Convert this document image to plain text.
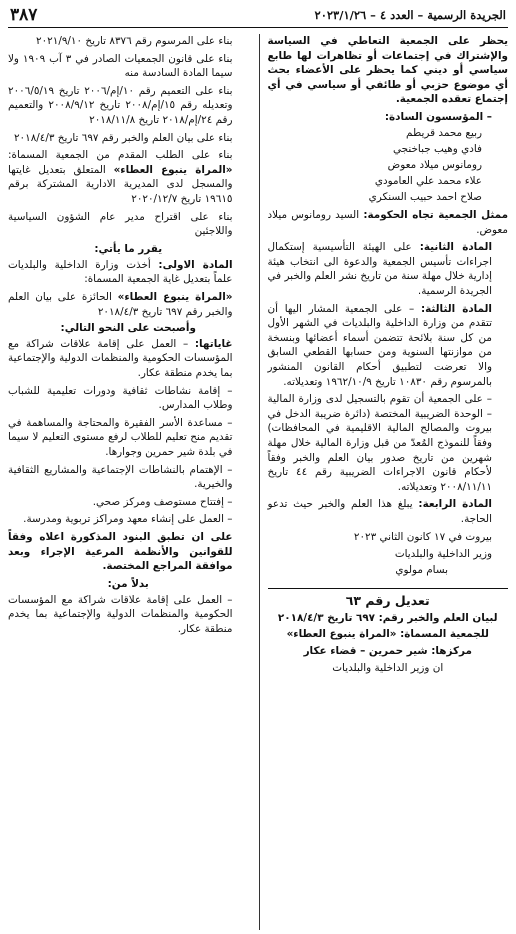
الجريدة الرسمية – العدد ٤ – ٢٠٢٣/١/٢٦
٣٨٧

يحظر على الجمعية التعاطي في السياسة والإشتراك في إجتماعات أو تظاهرات لها طابع سياسي أو ديني كما يحظر على الأعضاء بحث أي موضوع حزبي أو طائفي أو سياسي في أي إجتماع تعقده الجمعية.

– المؤسسون السادة:

ربيع محمد قريطم

فادي وهيب جباخنجي

رومانوس ميلاد معوض

علاء محمد علي العامودي

صلاح احمد حبيب السنكري

ممثل الجمعية تجاه الحكومة: السيد رومانوس ميلاد معوض.

المادة الثانية: على الهيئة التأسيسية إستكمال اجراءات تأسيس الجمعية والدعوة الى انتخاب هيئة إدارية خلال مهلة سنة من تاريخ نشر العلم والخبر في الجريدة الرسمية.

المادة الثالثة: – على الجمعية المشار اليها أن تتقدم من وزارة الداخلية والبلديات في الشهر الأول من كل سنة بلائحة تتضمن أسماء أعضائها وبنسخة من موازنتها السنوية ومن حسابها القطعي السابق والا تعرضت لتطبيق أحكام القانون المنشور بالمرسوم رقم ١٠٨٣٠ تاريخ ١٩٦٢/١٠/٩ وتعديلاته.

– على الجمعية أن تقوم بالتسجيل لدى وزارة المالية – الوحدة الضريبية المختصة (دائرة ضريبة الدخل في بيروت والمصالح المالية الاقليمية في المحافظات) وفقاً للنموذج المُعدّ من قبل وزارة المالية خلال مهلة شهرين من تاريخ صدور بيان العلم والخبر وفقاً لأحكام قانون الاجراءات الضريبية رقم ٤٤ تاريخ ٢٠٠٨/١١/١١ وتعديلاته.

المادة الرابعة: يبلغ هذا العلم والخبر حيث تدعو الحاجة.

بيروت في ١٧ كانون الثاني ٢٠٢٣

وزير الداخلية والبلديات

بسام مولوي

تعديل رقم ٦٣

لبيان العلم والخبر رقم: ٦٩٧ تاريخ ٢٠١٨/٤/٣

للجمعية المسماة: «المراة ينبوع العطاء»

مركزها: شير حمرين – قضاء عكار

ان وزير الداخلية والبلديات

بناء على المرسوم رقم ٨٣٧٦ تاريخ ٢٠٢١/٩/١٠

بناء على قانون الجمعيات الصادر في ٣ آب ١٩٠٩ ولا سيما المادة السادسة منه

بناء على التعميم رقم ١٠/إم/٢٠٠٦ تاريخ ٢٠٠٦/٥/١٩ وتعديله رقم ١٥/إم/٢٠٠٨ تاريخ ٢٠٠٨/٩/١٢ والتعميم رقم ٢٤/إم/٢٠١٨ تاريخ ٢٠١٨/١١/٨

بناء على بيان العلم والخبر رقم ٦٩٧ تاريخ ٢٠١٨/٤/٣

بناء على الطلب المقدم من الجمعية المسماة: «المراة ينبوع العطاء» المتعلق بتعديل غايتها والمسجل لدى المديرية الادارية المشتركة برقم ١٩٦١٥ تاريخ ٢٠٢٠/١٢/٧

بناء على اقتراح مدير عام الشؤون السياسية واللاجئين

يقرر ما يأتي:

المادة الاولى: أخذت وزارة الداخلية والبلديات علماً بتعديل غاية الجمعية المسماة:

«المراة ينبوع العطاء» الحائزة على بيان العلم والخبر رقم ٦٩٧ تاريخ ٢٠١٨/٤/٣

وأصبحت على النحو التالي:

غاياتها: – العمل على إقامة علاقات شراكة مع المؤسسات الحكومية والمنظمات الدولية والإجتماعية بما يخدم منطقة عكار.

– إقامة نشاطات ثقافية ودورات تعليمية للشباب وطلاب المدارس.

– مساعدة الأسر الفقيرة والمحتاجة والمساهمة في تقديم منح تعليم للطلاب لرفع مستوى التعليم لا سيما في بلدة شير حمرين وجوارها.

– الإهتمام بالنشاطات الإجتماعية والمشاريع الثقافية والخيرية.

– إفتتاح مستوصف ومركز صحي.

– العمل على إنشاء معهد ومراكز تربوية ومدرسة.

على ان تطبق البنود المذكورة اعلاه وفقاً للقوانين والأنظمة المرعية الإجراء وبعد موافقة المراجع المختصة.

بدلاً من:

– العمل على إقامة علاقات شراكة مع المؤسسات الحكومية والمنظمات الدولية والإجتماعية بما يخدم منطقة عكار.
